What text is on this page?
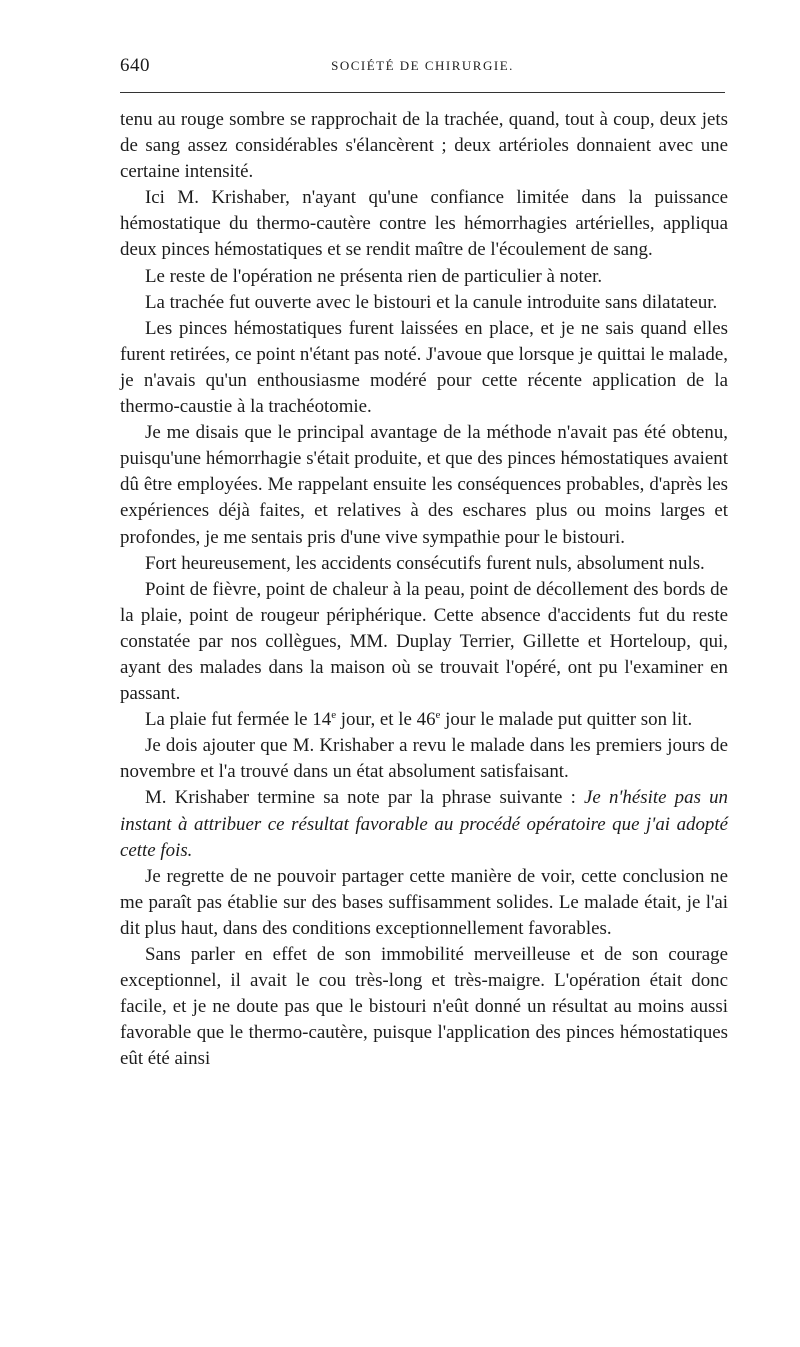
640	SOCIÉTÉ DE CHIRURGIE.

tenu au rouge sombre se rapprochait de la trachée, quand, tout à coup, deux jets de sang assez considérables s'élancèrent ; deux artérioles donnaient avec une certaine intensité.

Ici M. Krishaber, n'ayant qu'une confiance limitée dans la puissance hémostatique du thermo-cautère contre les hémorrhagies artérielles, appliqua deux pinces hémostatiques et se rendit maître de l'écoulement de sang.

Le reste de l'opération ne présenta rien de particulier à noter.

La trachée fut ouverte avec le bistouri et la canule introduite sans dilatateur.

Les pinces hémostatiques furent laissées en place, et je ne sais quand elles furent retirées, ce point n'étant pas noté. J'avoue que lorsque je quittai le malade, je n'avais qu'un enthousiasme modéré pour cette récente application de la thermo-caustie à la trachéotomie.

Je me disais que le principal avantage de la méthode n'avait pas été obtenu, puisqu'une hémorrhagie s'était produite, et que des pinces hémostatiques avaient dû être employées. Me rappelant ensuite les conséquences probables, d'après les expériences déjà faites, et relatives à des eschares plus ou moins larges et profondes, je me sentais pris d'une vive sympathie pour le bistouri.

Fort heureusement, les accidents consécutifs furent nuls, absolument nuls.

Point de fièvre, point de chaleur à la peau, point de décollement des bords de la plaie, point de rougeur périphérique. Cette absence d'accidents fut du reste constatée par nos collègues, MM. Duplay Terrier, Gillette et Horteloup, qui, ayant des malades dans la maison où se trouvait l'opéré, ont pu l'examiner en passant.

La plaie fut fermée le 14e jour, et le 46e jour le malade put quitter son lit.

Je dois ajouter que M. Krishaber a revu le malade dans les premiers jours de novembre et l'a trouvé dans un état absolument satisfaisant.

M. Krishaber termine sa note par la phrase suivante : Je n'hésite pas un instant à attribuer ce résultat favorable au procédé opératoire que j'ai adopté cette fois.

Je regrette de ne pouvoir partager cette manière de voir, cette conclusion ne me paraît pas établie sur des bases suffisamment solides. Le malade était, je l'ai dit plus haut, dans des conditions exceptionnellement favorables.

Sans parler en effet de son immobilité merveilleuse et de son courage exceptionnel, il avait le cou très-long et très-maigre. L'opération était donc facile, et je ne doute pas que le bistouri n'eût donné un résultat au moins aussi favorable que le thermo-cautère, puisque l'application des pinces hémostatiques eût été ainsi
